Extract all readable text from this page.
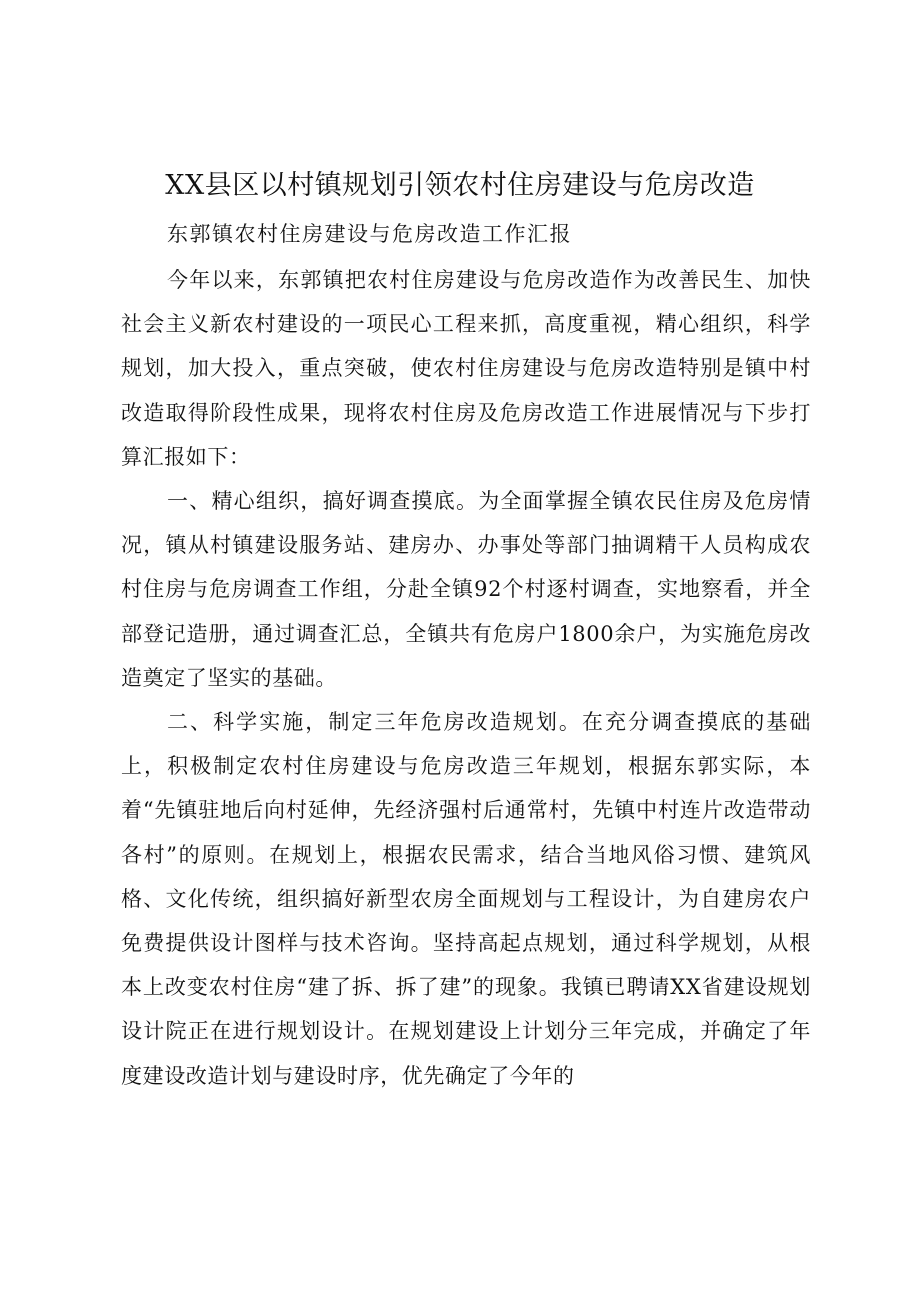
XX县区以村镇规划引领农村住房建设与危房改造
东郭镇农村住房建设与危房改造工作汇报

今年以来，东郭镇把农村住房建设与危房改造作为改善民生、加快社会主义新农村建设的一项民心工程来抓，高度重视，精心组织，科学规划，加大投入，重点突破，使农村住房建设与危房改造特别是镇中村改造取得阶段性成果，现将农村住房及危房改造工作进展情况与下步打算汇报如下：

一、精心组织，搞好调查摸底。为全面掌握全镇农民住房及危房情况，镇从村镇建设服务站、建房办、办事处等部门抽调精干人员构成农村住房与危房调查工作组，分赴全镇92个村逐村调查，实地察看，并全部登记造册，通过调查汇总，全镇共有危房户1800余户，为实施危房改造奠定了坚实的基础。

二、科学实施，制定三年危房改造规划。在充分调查摸底的基础上，积极制定农村住房建设与危房改造三年规划，根据东郭实际，本着“先镇驻地后向村延伸，先经济强村后通常村，先镇中村连片改造带动各村”的原则。在规划上，根据农民需求，结合当地风俗习惯、建筑风格、文化传统，组织搞好新型农房全面规划与工程设计，为自建房农户免费提供设计图样与技术咨询。坚持高起点规划，通过科学规划，从根本上改变农村住房“建了拆、拆了建”的现象。我镇已聘请XX省建设规划设计院正在进行规划设计。在规划建设上计划分三年完成，并确定了年度建设改造计划与建设时序，优先确定了今年的
